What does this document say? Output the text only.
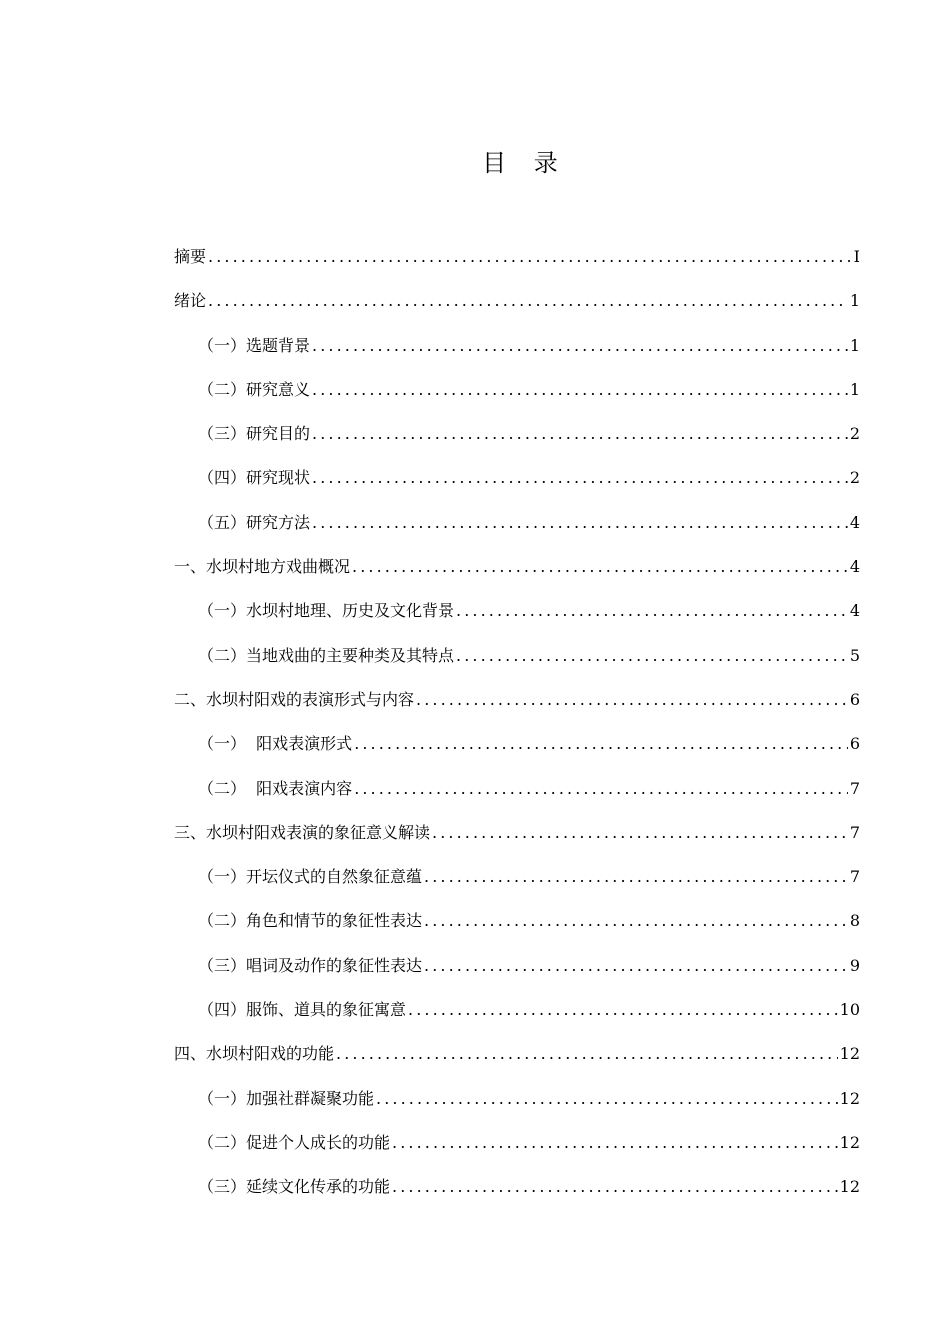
目 录
摘要 .....	I
绪论 .....	1
（一）选题背景 .....	1
（二）研究意义 .....	1
（三）研究目的 .....	2
（四）研究现状 .....	2
（五）研究方法 .....	4
一、水坝村地方戏曲概况 .....	4
（一）水坝村地理、历史及文化背景 .....	4
（二）当地戏曲的主要种类及其特点 .....	5
二、水坝村阳戏的表演形式与内容 .....	6
（一）  阳戏表演形式 .....	6
（二）  阳戏表演内容 .....	7
三、水坝村阳戏表演的象征意义解读 .....	7
（一）开坛仪式的自然象征意蕴 .....	7
（二）角色和情节的象征性表达 .....	8
（三）唱词及动作的象征性表达 .....	9
（四）服饰、道具的象征寓意 .....	10
四、水坝村阳戏的功能 .....	12
（一）加强社群凝聚功能 .....	12
（二）促进个人成长的功能 .....	12
（三）延续文化传承的功能 .....	12
